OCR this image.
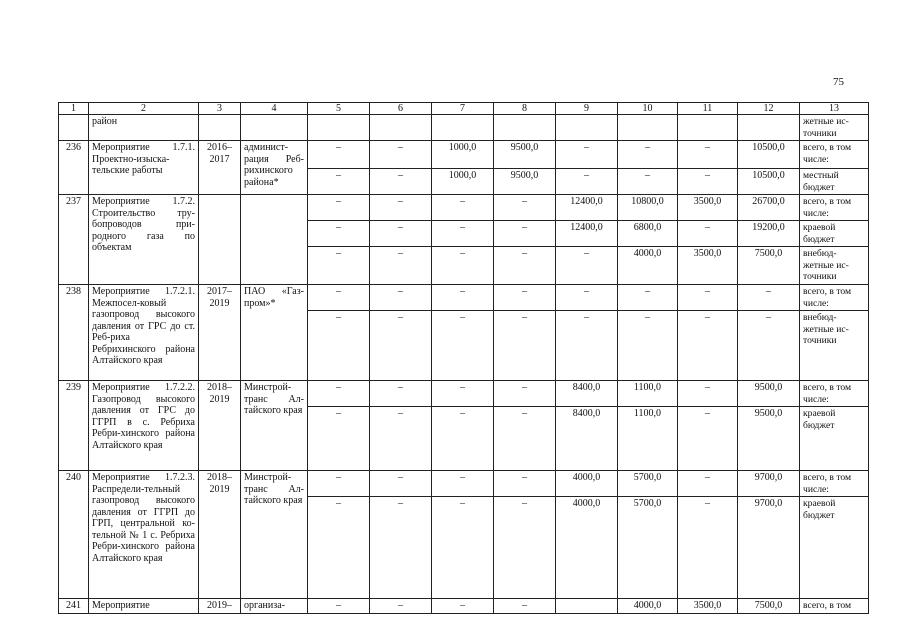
75
1	2	3	4	5	6	7	8	9	10	11	12	13
	район											жетные ис-точники
236	Мероприятие 1.7.1. Проектно-изыска-тельские работы	2016–2017	админист-рация Реб-рихинского района*	–	–	1000,0	9500,0	–	–	–	10500,0	всего, в том числе:
				–	–	1000,0	9500,0	–	–	–	10500,0	местный бюджет
237	Мероприятие 1.7.2. Строительство тру-бопроводов при-родного газа по объектам			–	–	–	–	12400,0	10800,0	3500,0	26700,0	всего, в том числе:
				–	–	–	–	12400,0	6800,0	–	19200,0	краевой бюджет
				–	–	–	–	–	4000,0	3500,0	7500,0	внебюд-жетные ис-точники
238	Мероприятие 1.7.2.1. Межпосел-ковый газопровод высокого давления от ГРС до ст. Реб-риха Ребрихинского района Алтайского края	2017–2019	ПАО «Газ-пром»*	–	–	–	–	–	–	–	–	всего, в том числе:
				–	–	–	–	–	–	–	–	внебюд-жетные ис-точники
239	Мероприятие 1.7.2.2. Газопровод высокого давления от ГРС до ГГРП в с. Ребриха Ребри-хинского района Алтайского края	2018–2019	Минстрой-транс Ал-тайского края	–	–	–	–	8400,0	1100,0	–	9500,0	всего, в том числе:
				–	–	–	–	8400,0	1100,0	–	9500,0	краевой бюджет
240	Мероприятие 1.7.2.3. Распредели-тельный газопровод высокого давления от ГГРП до ГРП, центральной ко-тельной № 1 с. Ребриха Ребри-хинского района Алтайского края	2018–2019	Минстрой-транс Ал-тайского края	–	–	–	–	4000,0	5700,0	–	9700,0	всего, в том числе:
				–	–	–	–	4000,0	5700,0	–	9700,0	краевой бюджет
241	Мероприятие	2019–	организа-	–	–	–	–		4000,0	3500,0	7500,0	всего, в том
